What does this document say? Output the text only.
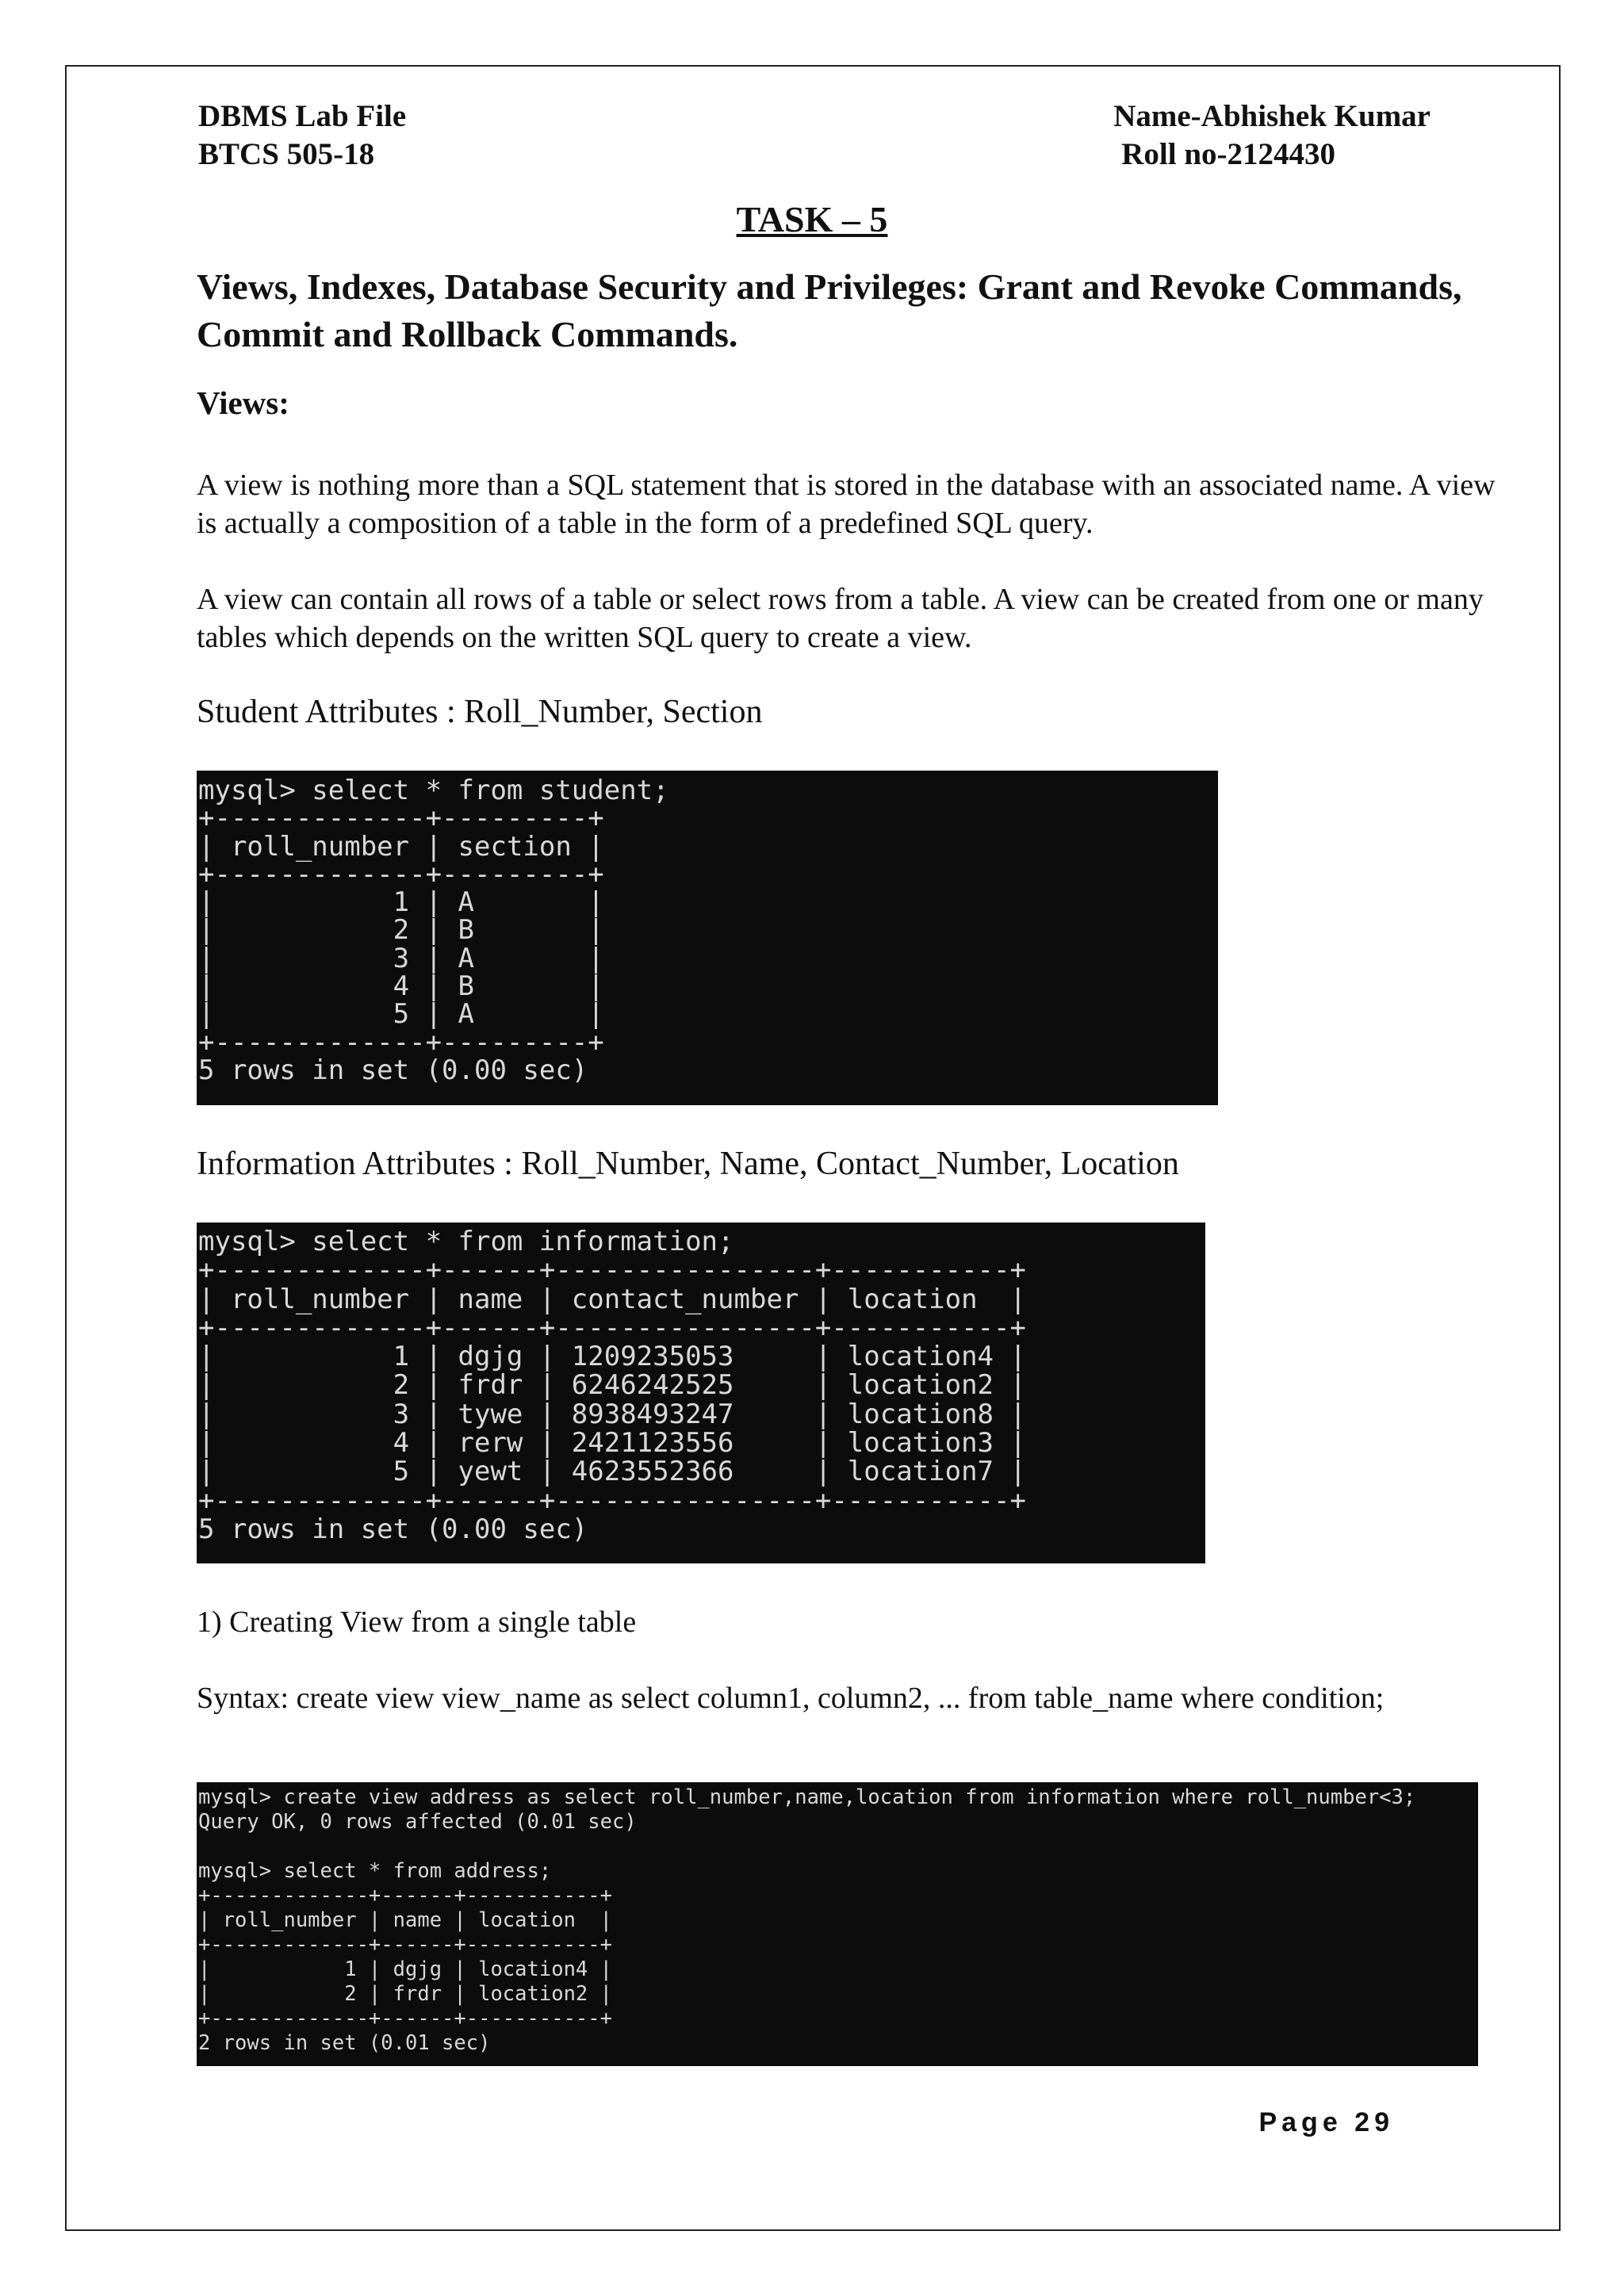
DBMS Lab File
BTCS 505-18
Name-Abhishek Kumar
Roll no-2124430
TASK – 5
Views, Indexes, Database Security and Privileges: Grant and Revoke Commands, Commit and Rollback Commands.
Views:
A view is nothing more than a SQL statement that is stored in the database with an associated name. A view is actually a composition of a table in the form of a predefined SQL query.
A view can contain all rows of a table or select rows from a table. A view can be created from one or many tables which depends on the written SQL query to create a view.
Student Attributes : Roll_Number, Section
mysql> select * from student;
+-------------+---------+
| roll_number | section |
+-------------+---------+
|           1 | A       |
|           2 | B       |
|           3 | A       |
|           4 | B       |
|           5 | A       |
+-------------+---------+
5 rows in set (0.00 sec)
Information Attributes : Roll_Number, Name, Contact_Number, Location
mysql> select * from information;
+-------------+------+----------------+-----------+
| roll_number | name | contact_number | location  |
+-------------+------+----------------+-----------+
|           1 | dgjg | 1209235053     | location4 |
|           2 | frdr | 6246242525     | location2 |
|           3 | tywe | 8938493247     | location8 |
|           4 | rerw | 2421123556     | location3 |
|           5 | yewt | 4623552366     | location7 |
+-------------+------+----------------+-----------+
5 rows in set (0.00 sec)
1) Creating View from a single table
Syntax: create view view_name as select column1, column2, ... from table_name where condition;
mysql> create view address as select roll_number,name,location from information where roll_number<3;
Query OK, 0 rows affected (0.01 sec)

mysql> select * from address;
+-------------+------+-----------+
| roll_number | name | location  |
+-------------+------+-----------+
|           1 | dgjg | location4 |
|           2 | frdr | location2 |
+-------------+------+-----------+
2 rows in set (0.01 sec)
Page 29
